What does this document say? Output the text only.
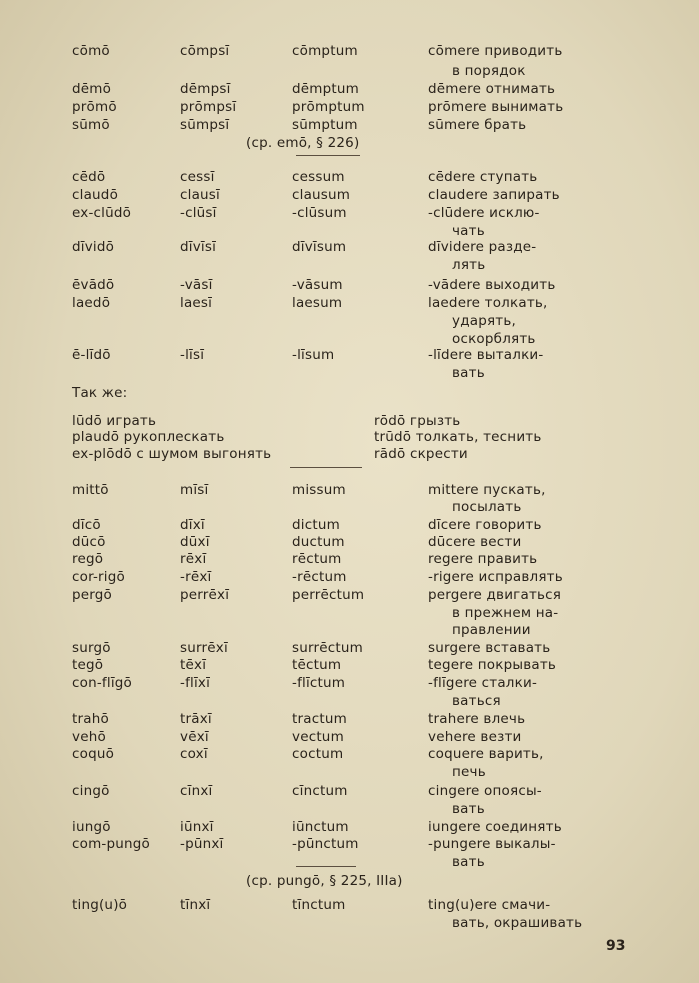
cōmō	cōmpsī	cōmptum	cōmere приводить
в порядок
dēmō	dēmpsī	dēmptum	dēmere отнимать
prōmō	prōmpsī	prōmptum	prōmere вынимать
sūmō	sūmpsī	sūmptum	sūmere брать
(ср. emō, § 226)
cēdō	cessī	cessum	cēdere ступать
claudō	clausī	clausum	claudere запирать
ex-clūdō	-clūsī	-clūsum	-clūdere исклю-
чать
dīvidō	dīvīsī	dīvīsum	dīvidere разде-
лять
ēvādō	-vāsī	-vāsum	-vādere выходить
laedō	laesī	laesum	laedere толкать,
ударять,
оскорблять
ē-līdō	-līsī	-līsum	-līdere выталки-
вать
Так же:
lūdō играть	rōdō грызть
plaudō рукоплескать	trūdō толкать, теснить
ex-plōdō с шумом выгонять	rādō скрести
mittō	mīsī	missum	mittere пускать,
посылать
dīcō	dīxī	dictum	dīcere говорить
dūcō	dūxī	ductum	dūcere вести
regō	rēxī	rēctum	regere править
cor-rigō	-rēxī	-rēctum	-rigere исправлять
pergō	perrēxī	perrēctum	pergere двигаться
в прежнем на-
правлении
surgō	surrēxī	surrēctum	surgere вставать
tegō	tēxī	tēctum	tegere покрывать
con-flīgō	-flīxī	-flīctum	-flīgere сталки-
ваться
trahō	trāxī	tractum	trahere влечь
vehō	vēxī	vectum	vehere везти
coquō	coxī	coctum	coquere варить,
печь
cingō	cīnxī	cīnctum	cingere опоясы-
вать
iungō	iūnxī	iūnctum	iungere соединять
com-pungō -pūnxī	-pūnctum	-pungere выкалы-
вать
(ср. pungō, § 225, IIIa)
ting(u)ō	tīnxī	tīnctum	ting(u)ere смачи-
вать, окрашивать
93
